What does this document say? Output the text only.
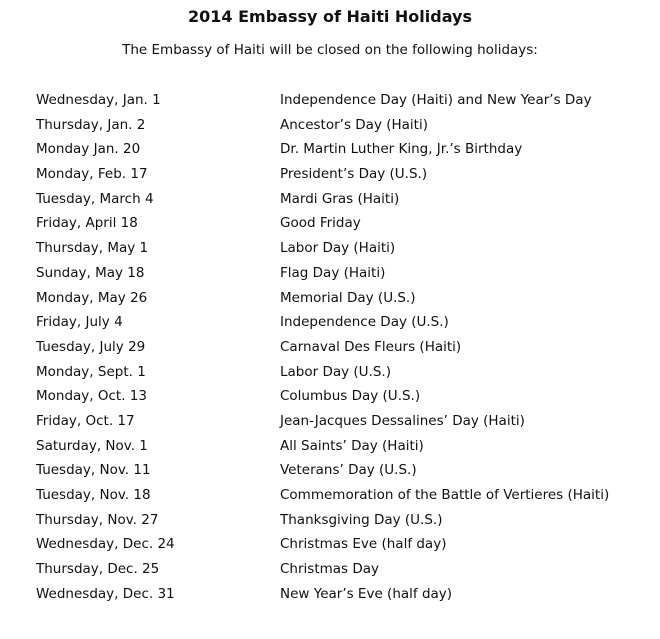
2014 Embassy of Haiti Holidays
The Embassy of Haiti will be closed on the following holidays:
Wednesday, Jan. 1	Independence Day (Haiti) and New Year’s Day
Thursday, Jan. 2	Ancestor’s Day (Haiti)
Monday Jan. 20	Dr. Martin Luther King, Jr.’s Birthday
Monday, Feb. 17	President’s Day (U.S.)
Tuesday, March 4	Mardi Gras (Haiti)
Friday, April 18	Good Friday
Thursday, May 1	Labor Day (Haiti)
Sunday, May 18	Flag Day (Haiti)
Monday, May 26	Memorial Day (U.S.)
Friday, July 4	Independence Day (U.S.)
Tuesday, July 29	Carnaval Des Fleurs (Haiti)
Monday, Sept. 1	Labor Day (U.S.)
Monday, Oct. 13	Columbus Day (U.S.)
Friday, Oct. 17	Jean-Jacques Dessalines’ Day (Haiti)
Saturday, Nov. 1	All Saints’ Day (Haiti)
Tuesday, Nov. 11	Veterans’ Day (U.S.)
Tuesday, Nov. 18	Commemoration of the Battle of Vertieres (Haiti)
Thursday, Nov. 27	Thanksgiving Day (U.S.)
Wednesday, Dec. 24	Christmas Eve (half day)
Thursday, Dec. 25	Christmas Day
Wednesday, Dec. 31	New Year’s Eve (half day)
